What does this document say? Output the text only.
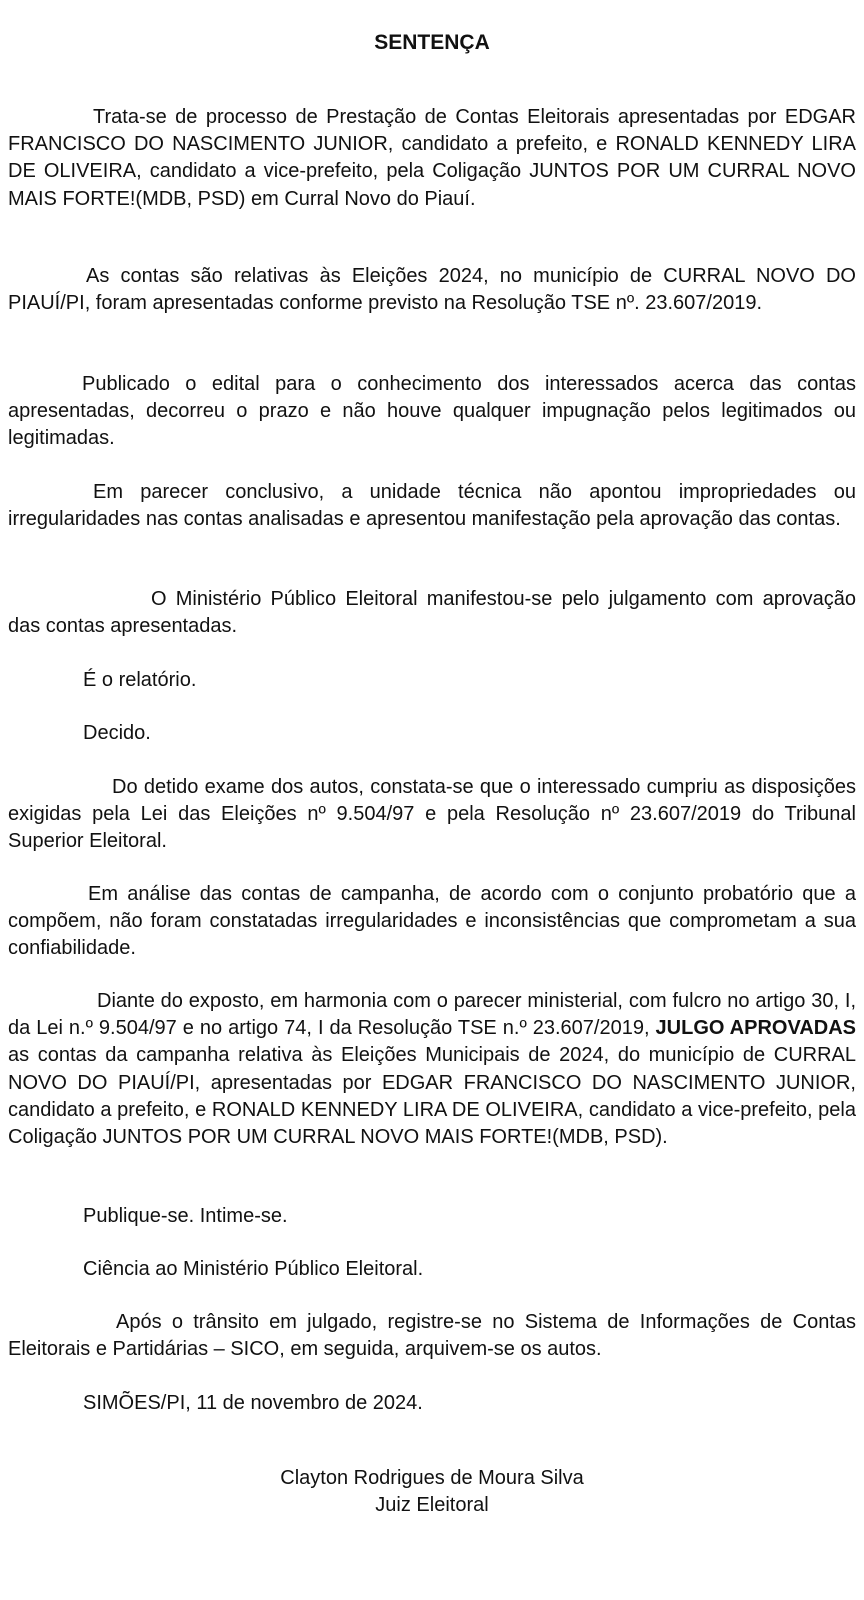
SENTENÇA

Trata-se de processo de Prestação de Contas Eleitorais apresentadas por EDGAR FRANCISCO DO NASCIMENTO JUNIOR, candidato a prefeito, e RONALD KENNEDY LIRA DE OLIVEIRA, candidato a vice-prefeito, pela Coligação JUNTOS POR UM CURRAL NOVO MAIS FORTE!(MDB, PSD) em Curral Novo do Piauí.

As contas são relativas às Eleições 2024, no município de CURRAL NOVO DO PIAUÍ/PI, foram apresentadas conforme previsto na Resolução TSE nº. 23.607/2019.

Publicado o edital para o conhecimento dos interessados acerca das contas apresentadas, decorreu o prazo e não houve qualquer impugnação pelos legitimados ou legitimadas.

Em parecer conclusivo, a unidade técnica não apontou impropriedades ou irregularidades nas contas analisadas e apresentou manifestação pela aprovação das contas.

O Ministério Público Eleitoral manifestou-se pelo julgamento com aprovação das contas apresentadas.

É o relatório.

Decido.

Do detido exame dos autos, constata-se que o interessado cumpriu as disposições exigidas pela Lei das Eleições nº 9.504/97 e pela Resolução nº 23.607/2019 do Tribunal Superior Eleitoral.

Em análise das contas de campanha, de acordo com o conjunto probatório que a compõem, não foram constatadas irregularidades e inconsistências que comprometam a sua confiabilidade.

Diante do exposto, em harmonia com o parecer ministerial, com fulcro no artigo 30, I, da Lei n.º 9.504/97 e no artigo 74, I da Resolução TSE n.º 23.607/2019, JULGO APROVADAS as contas da campanha relativa às Eleições Municipais de 2024, do município de CURRAL NOVO DO PIAUÍ/PI, apresentadas por EDGAR FRANCISCO DO NASCIMENTO JUNIOR, candidato a prefeito, e RONALD KENNEDY LIRA DE OLIVEIRA, candidato a vice-prefeito, pela Coligação JUNTOS POR UM CURRAL NOVO MAIS FORTE!(MDB, PSD).

Publique-se. Intime-se.

Ciência ao Ministério Público Eleitoral.

Após o trânsito em julgado, registre-se no Sistema de Informações de Contas Eleitorais e Partidárias – SICO, em seguida, arquivem-se os autos.

SIMÕES/PI, 11 de novembro de 2024.

Clayton Rodrigues de Moura Silva
Juiz Eleitoral
